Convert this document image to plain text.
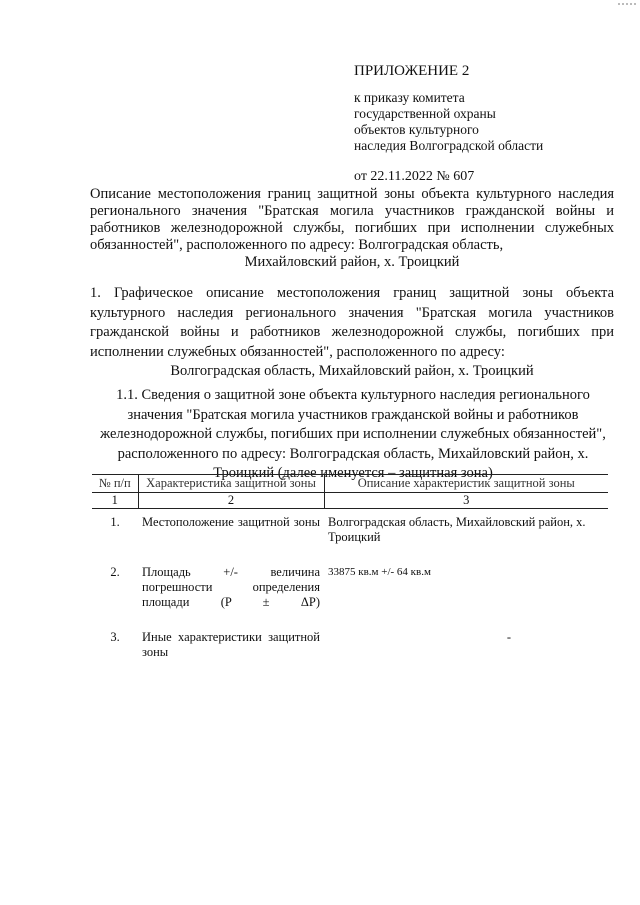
ПРИЛОЖЕНИЕ 2
к приказу комитета
государственной охраны
объектов культурного
наследия Волгоградской области
от 22.11.2022 № 607
Описание местоположения границ защитной зоны объекта культурного наследия регионального значения "Братская могила участников гражданской войны и работников железнодорожной службы, погибших при исполнении служебных обязанностей", расположенного по адресу: Волгоградская область,
Михайловский район, х. Троицкий
1. Графическое описание местоположения границ защитной зоны объекта культурного наследия регионального значения "Братская могила участников гражданской войны и работников железнодорожной службы, погибших при исполнении служебных обязанностей", расположенного по адресу:
Волгоградская область, Михайловский район, х. Троицкий
1.1. Сведения о защитной зоне объекта культурного наследия регионального значения "Братская могила участников гражданской войны и работников железнодорожной службы, погибших при исполнении служебных обязанностей", расположенного по адресу: Волгоградская область, Михайловский район, х. Троицкий (далее именуется – защитная зона)
№ п/п	Характеристика защитной зоны	Описание характеристик защитной зоны
1	2	3
1.	Местоположение защитной зоны	Волгоградская область, Михайловский район, х. Троицкий
2.	Площадь +/- величина погрешности определения площади (P ± ΔP)	33875 кв.м +/- 64 кв.м
3.	Иные характеристики защитной зоны	-
